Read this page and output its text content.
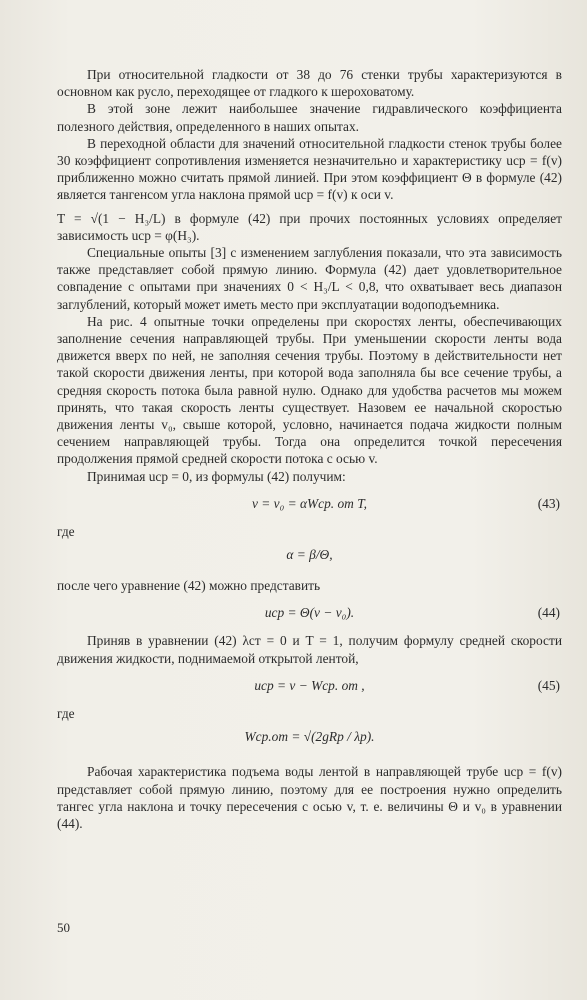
При относительной гладкости от 38 до 76 стенки трубы характеризуются в основном как русло, переходящее от гладкого к шероховатому.

В этой зоне лежит наибольшее значение гидравлического коэффициента полезного действия, определенного в наших опытах.

В переходной области для значений относительной гладкости стенок трубы более 30 коэффициент сопротивления изменяется незначительно и характеристику uср = f(v) приближенно можно считать прямой линией. При этом коэффициент Θ в формуле (42) является тангенсом угла наклона прямой uср = f(v) к оси v.

T = √(1 − H₃/L) в формуле (42) при прочих постоянных условиях определяет зависимость uср = φ(H₃).

Специальные опыты [3] с изменением заглубления показали, что эта зависимость также представляет собой прямую линию. Формула (42) дает удовлетворительное совпадение с опытами при значениях 0 < H₃/L < 0,8, что охватывает весь диапазон заглублений, который может иметь место при эксплуатации водоподъемника.

На рис. 4 опытные точки определены при скоростях ленты, обеспечивающих заполнение сечения направляющей трубы. При уменьшении скорости ленты вода движется вверх по ней, не заполняя сечения трубы. Поэтому в действительности нет такой скорости движения ленты, при которой вода заполняла бы все сечение трубы, а средняя скорость потока была равной нулю. Однако для удобства расчетов мы можем принять, что такая скорость ленты существует. Назовем ее начальной скоростью движения ленты v₀, свыше которой, условно, начинается подача жидкости полным сечением направляющей трубы. Тогда она определится точкой пересечения продолжения прямой средней скорости потока с осью v.

Принимая uср = 0, из формулы (42) получим:

v = v₀ = αWср. от T,	(43)

где

α = β/Θ,

после чего уравнение (42) можно представить

uср = Θ(v − v₀).	(44)

Приняв в уравнении (42) λст = 0 и T = 1, получим формулу средней скорости движения жидкости, поднимаемой открытой лентой,

uср = v − Wср. от ,	(45)

где

Wср.от = √(2gRр / λр).

Рабочая характеристика подъема воды лентой в направляющей трубе uср = f(v) представляет собой прямую линию, поэтому для ее построения нужно определить тангес угла наклона и точку пересечения с осью v, т. е. величины Θ и v₀ в уравнении (44).

50
